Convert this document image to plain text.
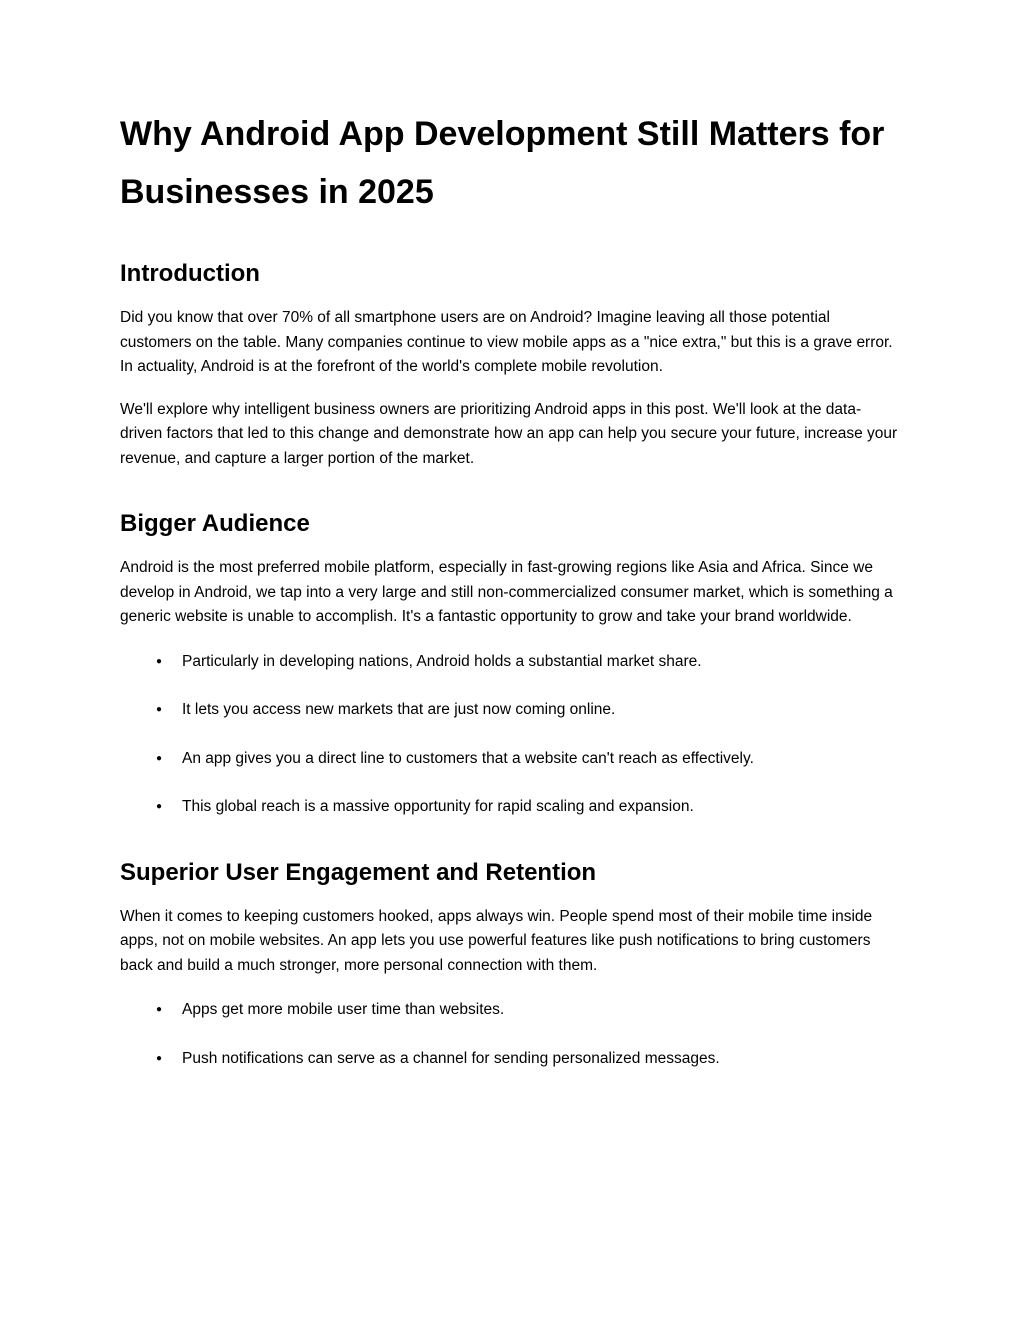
Why Android App Development Still Matters for Businesses in 2025
Introduction

Did you know that over 70% of all smartphone users are on Android? Imagine leaving all those potential customers on the table. Many companies continue to view mobile apps as a "nice extra," but this is a grave error. In actuality, Android is at the forefront of the world's complete mobile revolution.

We'll explore why intelligent business owners are prioritizing Android apps in this post. We'll look at the data-driven factors that led to this change and demonstrate how an app can help you secure your future, increase your revenue, and capture a larger portion of the market.

Bigger Audience

Android is the most preferred mobile platform, especially in fast-growing regions like Asia and Africa. Since we develop in Android, we tap into a very large and still non-commercialized consumer market, which is something a generic website is unable to accomplish. It's a fantastic opportunity to grow and take your brand worldwide.

● Particularly in developing nations, Android holds a substantial market share.
● It lets you access new markets that are just now coming online.
● An app gives you a direct line to customers that a website can't reach as effectively.
● This global reach is a massive opportunity for rapid scaling and expansion.
Superior User Engagement and Retention

When it comes to keeping customers hooked, apps always win. People spend most of their mobile time inside apps, not on mobile websites. An app lets you use powerful features like push notifications to bring customers back and build a much stronger, more personal connection with them.

● Apps get more mobile user time than websites.
● Push notifications can serve as a channel for sending personalized messages.
